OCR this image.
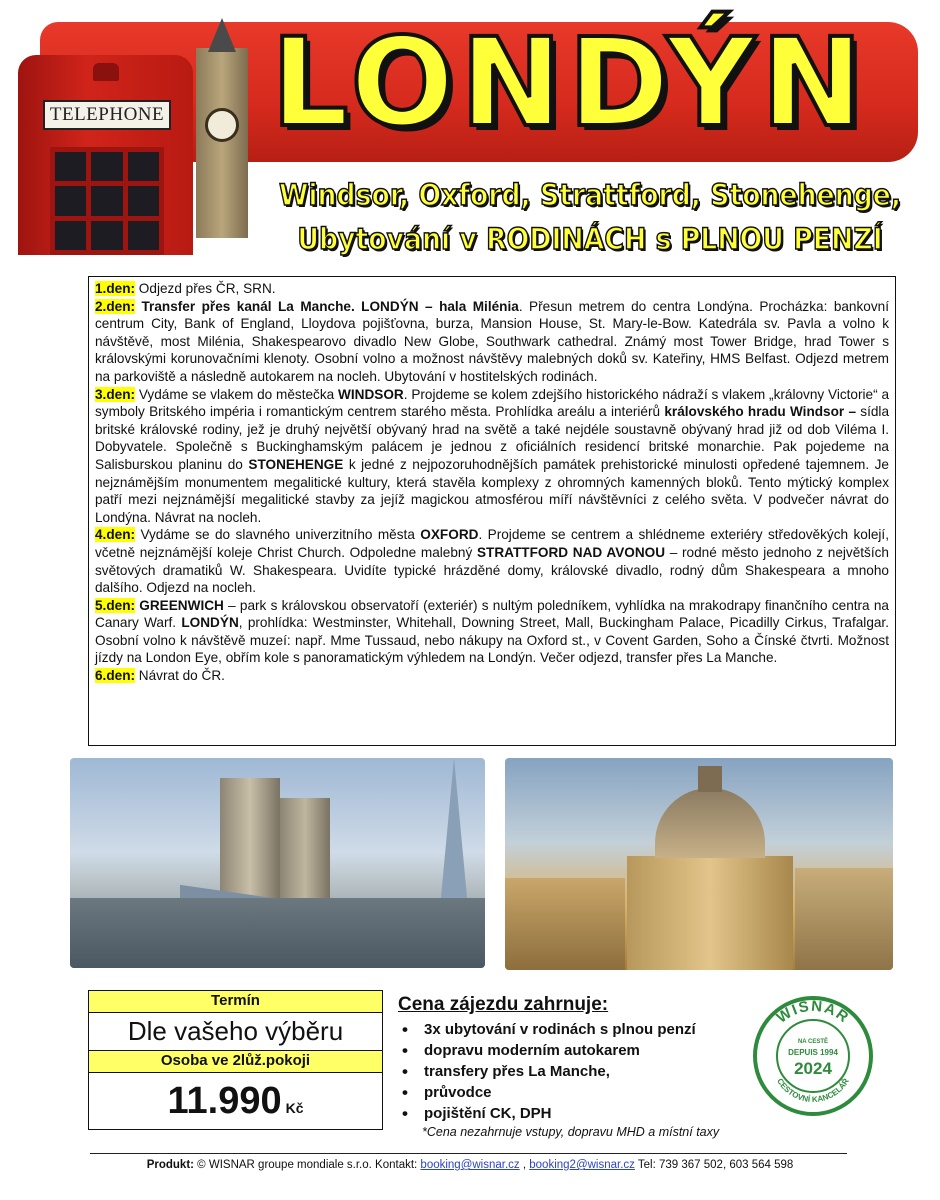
TELEPHONE LONDÝN
Windsor, Oxford, Strattford, Stonehenge,
Ubytování v RODINÁCH s PLNOU PENZÍ

1.den: Odjezd přes ČR, SRN.

2.den: Transfer přes kanál La Manche. LONDÝN – hala Milénia. Přesun metrem do centra Londýna. Procházka: bankovní centrum City, Bank of England, Lloydova pojišťovna, burza, Mansion House, St. Mary-le-Bow. Katedrála sv. Pavla a volno k návštěvě, most Milénia, Shakespearovo divadlo New Globe, Southwark cathedral. Známý most Tower Bridge, hrad Tower s královskými korunovačními klenoty. Osobní volno a možnost návštěvy malebných doků sv. Kateřiny, HMS Belfast. Odjezd metrem na parkoviště a následně autokarem na nocleh. Ubytování v hostitelských rodinách.

3.den: Vydáme se vlakem do městečka WINDSOR. Projdeme se kolem zdejšího historického nádraží s vlakem „královny Victorie“ a symboly Britského impéria i romantickým centrem starého města. Prohlídka areálu a interiérů královského hradu Windsor – sídla britské královské rodiny, jež je druhý největší obývaný hrad na světě a také nejdéle soustavně obývaný hrad již od dob Viléma I. Dobyvatele. Společně s Buckinghamským palácem je jednou z oficiálních residencí britské monarchie. Pak pojedeme na Salisburskou planinu do STONEHENGE k jedné z nejpozoruhodnějších památek prehistorické minulosti opředené tajemnem. Je nejznámějším monumentem megalitické kultury, která stavěla komplexy z ohromných kamenných bloků. Tento mýtický komplex patří mezi nejznámější megalitické stavby za jejíž magickou atmosférou míří návštěvníci z celého světa. V podvečer návrat do Londýna. Návrat na nocleh.

4.den: Vydáme se do slavného univerzitního města OXFORD. Projdeme se centrem a shlédneme exteriéry středověkých kolejí, včetně nejznámější koleje Christ Church. Odpoledne malebný STRATTFORD NAD AVONOU – rodné město jednoho z největších světových dramatiků W. Shakespeara. Uvidíte typické hrázděné domy, královské divadlo, rodný dům Shakespeara a mnoho dalšího. Odjezd na nocleh.

5.den: GREENWICH – park s královskou observatoří (exteriér) s nultým poledníkem, vyhlídka na mrakodrapy finančního centra na Canary Warf. LONDÝN, prohlídka: Westminster, Whitehall, Downing Street, Mall, Buckingham Palace, Picadilly Cirkus, Trafalgar. Osobní volno k návštěvě muzeí: např. Mme Tussaud, nebo nákupy na Oxford st., v Covent Garden, Soho a Čínské čtvrti. Možnost jízdy na London Eye, obřím kole s panoramatickým výhledem na Londýn. Večer odjezd, transfer přes La Manche.

6.den: Návrat do ČR.

Termín
Dle vašeho výběru
Osoba ve 2lůž.pokoji
11.990 Kč
Cena zájezdu zahrnuje:
• 3x ubytování v rodinách s plnou penzí
• dopravu moderním autokarem
• transfery přes La Manche,
• průvodce
• pojištění CK, DPH
*Cena nezahrnuje vstupy, dopravu MHD a místní taxy
WISNAR
CESTOVNÍ KANCELÁŘ
NA CESTĚ
DEPUIS 1994
2024
Produkt: © WISNAR groupe mondiale s.r.o. Kontakt: booking@wisnar.cz , booking2@wisnar.cz Tel: 739 367 502, 603 564 598
